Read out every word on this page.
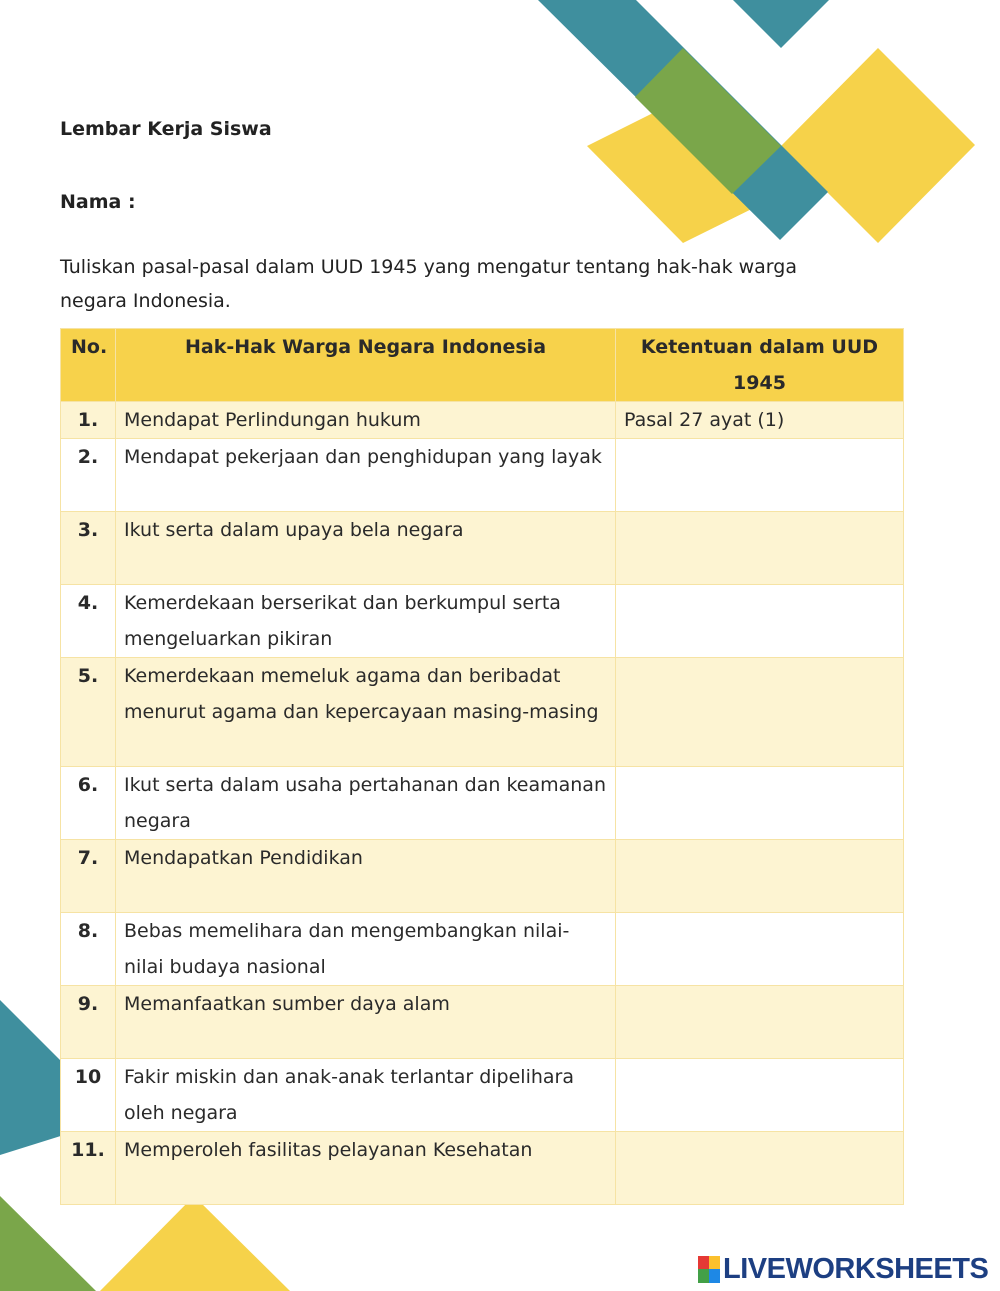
Lembar Kerja Siswa
Nama :
Tuliskan pasal-pasal dalam UUD 1945 yang mengatur tentang hak-hak warga negara Indonesia.
No.	Hak-Hak Warga Negara Indonesia	Ketentuan dalam UUD 1945
1.	Mendapat Perlindungan hukum	Pasal 27 ayat (1)
2.	Mendapat pekerjaan dan penghidupan yang layak	
3.	Ikut serta dalam upaya bela negara	
4.	Kemerdekaan berserikat dan berkumpul serta mengeluarkan pikiran	
5.	Kemerdekaan memeluk agama dan beribadat menurut agama dan kepercayaan masing-masing	
6.	Ikut serta dalam usaha pertahanan dan keamanan negara	
7.	Mendapatkan Pendidikan	
8.	Bebas memelihara dan mengembangkan nilai-nilai budaya nasional	
9.	Memanfaatkan sumber daya alam	
10	Fakir miskin dan anak-anak terlantar dipelihara oleh negara	
11.	Memperoleh fasilitas pelayanan Kesehatan	
LIVEWORKSHEETS
